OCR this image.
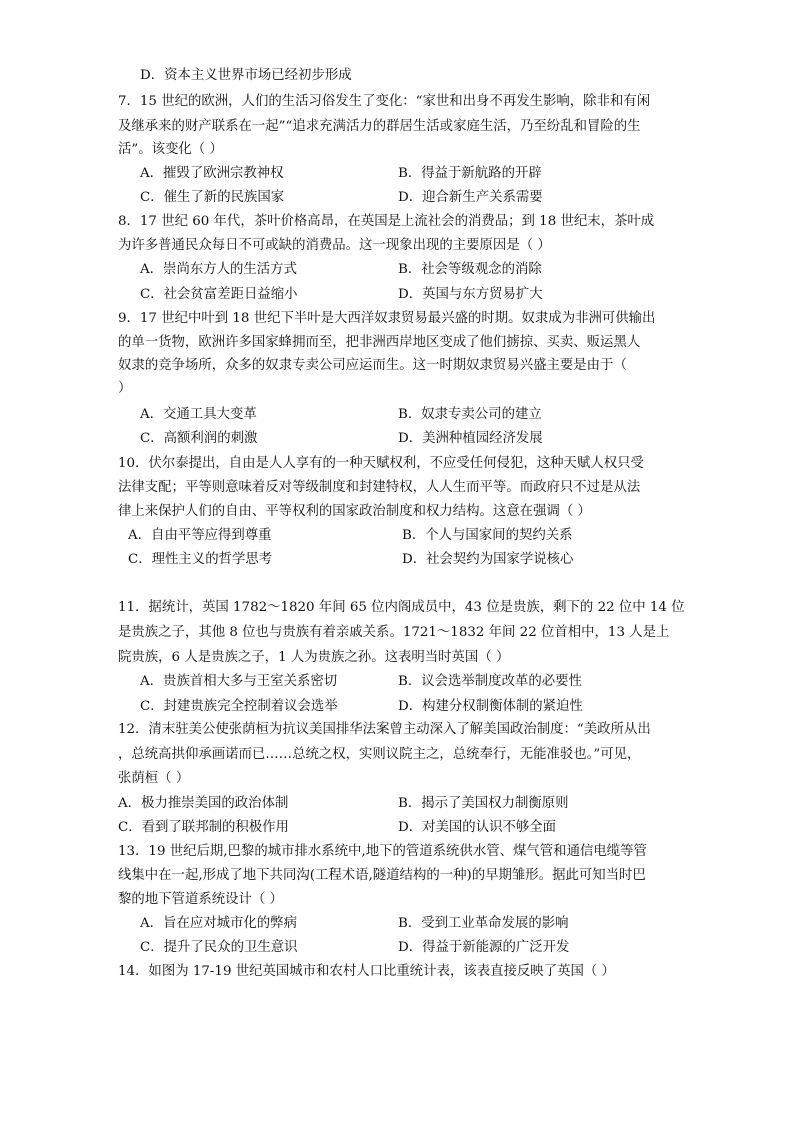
D．资本主义世界市场已经初步形成
7．15 世纪的欧洲，人们的生活习俗发生了变化：“家世和出身不再发生影响，除非和有闲
及继承来的财产联系在一起”“追求充满活力的群居生活或家庭生活，乃至纷乱和冒险的生
活”。该变化（ ）
A．摧毁了欧洲宗教神权	B．得益于新航路的开辟
C．催生了新的民族国家	D．迎合新生产关系需要
8．17 世纪 60 年代，茶叶价格高昂，在英国是上流社会的消费品；到 18 世纪末，茶叶成
为许多普通民众每日不可或缺的消费品。这一现象出现的主要原因是（ ）
A．崇尚东方人的生活方式	B．社会等级观念的消除
C．社会贫富差距日益缩小	D．英国与东方贸易扩大
9．17 世纪中叶到 18 世纪下半叶是大西洋奴隶贸易最兴盛的时期。奴隶成为非洲可供输出
的单一货物，欧洲许多国家蜂拥而至，把非洲西岸地区变成了他们掳掠、买卖、贩运黑人
奴隶的竞争场所，众多的奴隶专卖公司应运而生。这一时期奴隶贸易兴盛主要是由于（
）
A．交通工具大变革	B．奴隶专卖公司的建立
C．高额利润的刺激	D．美洲种植园经济发展
10．伏尔泰提出，自由是人人享有的一种天赋权利，不应受任何侵犯，这种天赋人权只受
法律支配；平等则意味着反对等级制度和封建特权，人人生而平等。而政府只不过是从法
律上来保护人们的自由、平等权利的国家政治制度和权力结构。这意在强调（ ）
A．自由平等应得到尊重	B．个人与国家间的契约关系
C．理性主义的哲学思考	D．社会契约为国家学说核心
11．据统计，英国 1782～1820 年间 65 位内阁成员中，43 位是贵族，剩下的 22 位中 14 位
是贵族之子，其他 8 位也与贵族有着亲戚关系。1721～1832 年间 22 位首相中，13 人是上
院贵族，6 人是贵族之子，1 人为贵族之孙。这表明当时英国（ ）
A．贵族首相大多与王室关系密切	B．议会选举制度改革的必要性
C．封建贵族完全控制着议会选举	D．构建分权制衡体制的紧迫性
12．清末驻美公使张荫桓为抗议美国排华法案曾主动深入了解美国政治制度：“美政所从出
，总统高拱仰承画诺而已……总统之权，实则议院主之，总统奉行，无能准驳也。”可见，
张荫桓（ ）
A．极力推崇美国的政治体制	B．揭示了美国权力制衡原则
C．看到了联邦制的积极作用	D．对美国的认识不够全面
13．19 世纪后期,巴黎的城市排水系统中,地下的管道系统供水管、煤气管和通信电缆等管
线集中在一起,形成了地下共同沟(工程术语,隧道结构的一种)的早期雏形。据此可知当时巴
黎的地下管道系统设计（ ）
A．旨在应对城市化的弊病	B．受到工业革命发展的影响
C．提升了民众的卫生意识	D．得益于新能源的广泛开发
14．如图为 17-19 世纪英国城市和农村人口比重统计表，该表直接反映了英国（ ）
